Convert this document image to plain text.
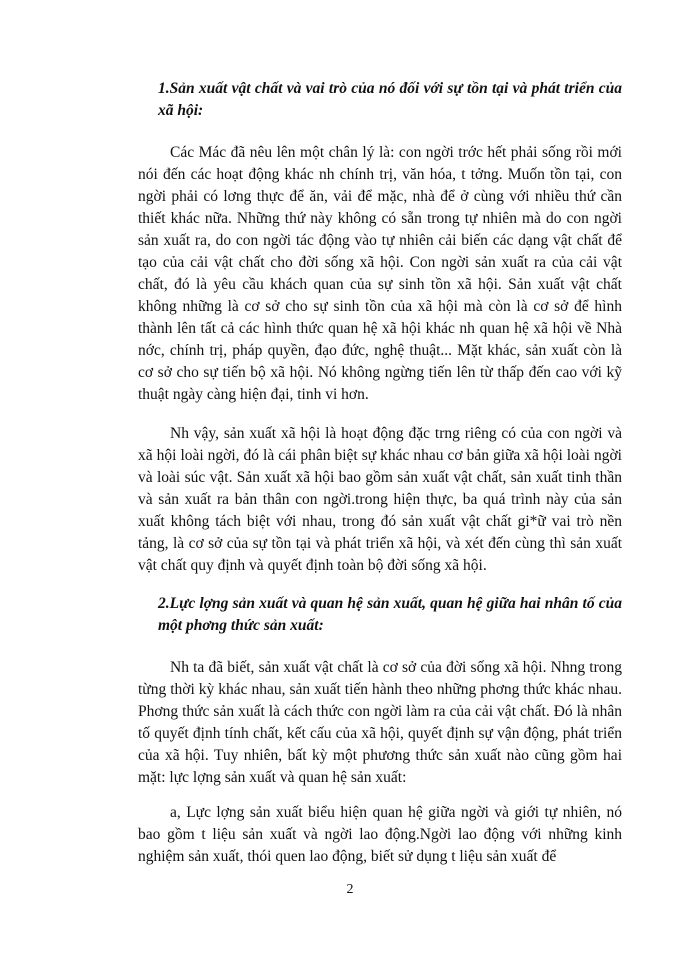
1.Sản xuất vật chất và vai trò của nó đối với sự tồn tại và phát triển của xã hội:

Các Mác đã nêu lên một chân lý là: con ngời trớc hết phải sống rồi mới nói đến các hoạt động khác nh chính trị, văn hóa, t tởng. Muốn tồn tại, con ngời phải có lơng thực để ăn, vải để mặc, nhà để ở cùng với nhiều thứ cần thiết khác nữa. Những thứ này không có sẵn trong tự nhiên mà do con ngời sản xuất ra, do con ngời tác động vào tự nhiên cải biến các dạng vật chất để tạo của cải vật chất cho đời sống xã hội. Con ngời sản xuất ra của cải vật chất, đó là yêu cầu khách quan của sự sinh tồn xã hội. Sản xuất vật chất không những là cơ sở cho sự sinh tồn của xã hội mà còn là cơ sở để hình thành lên tất cả các hình thức quan hệ xã hội khác nh quan hệ xã hội về Nhà nớc, chính trị, pháp quyền, đạo đức, nghệ thuật... Mặt khác, sản xuất còn là cơ sở cho sự tiến bộ xã hội. Nó không ngừng tiến lên từ thấp đến cao với kỹ thuật ngày càng hiện đại, tinh vi hơn.

Nh vậy, sản xuất xã hội là hoạt động đặc trng riêng có của con ngời và xã hội loài ngời, đó là cái phân biệt sự khác nhau cơ bản giữa xã hội loài ngời và loài súc vật. Sản xuất xã hội bao gồm sản xuất vật chất, sản xuất tinh thần và sản xuất ra bản thân con ngời.trong hiện thực, ba quá trình này của sản xuất không tách biệt với nhau, trong đó sản xuất vật chất gi*ữ vai trò nền tảng, là cơ sở của sự tồn tại và phát triển xã hội, và xét đến cùng thì sản xuất vật chất quy định và quyết định toàn bộ đời sống xã hội.

2.Lực lợng sản xuất và quan hệ sản xuất, quan hệ giữa hai nhân tố của một phơng thức sản xuất:

Nh ta đã biết, sản xuất vật chất là cơ sở của đời sống xã hội. Nhng trong từng thời kỳ khác nhau, sản xuất tiến hành theo những phơng thức khác nhau. Phơng thức sản xuất là cách thức con ngời làm ra của cải vật chất. Đó là nhân tố quyết định tính chất, kết cấu của xã hội, quyết định sự vận động, phát triển của xã hội. Tuy nhiên, bất kỳ một phương thức sản xuất nào cũng gồm hai mặt: lực lợng sản xuất và quan hệ sản xuất:

a, Lực lợng sản xuất biểu hiện quan hệ giữa ngời và giới tự nhiên, nó bao gồm t liệu sản xuất và ngời lao động.Ngời lao động với những kinh nghiệm sản xuất, thói quen lao động, biết sử dụng t liệu sản xuất để

2
